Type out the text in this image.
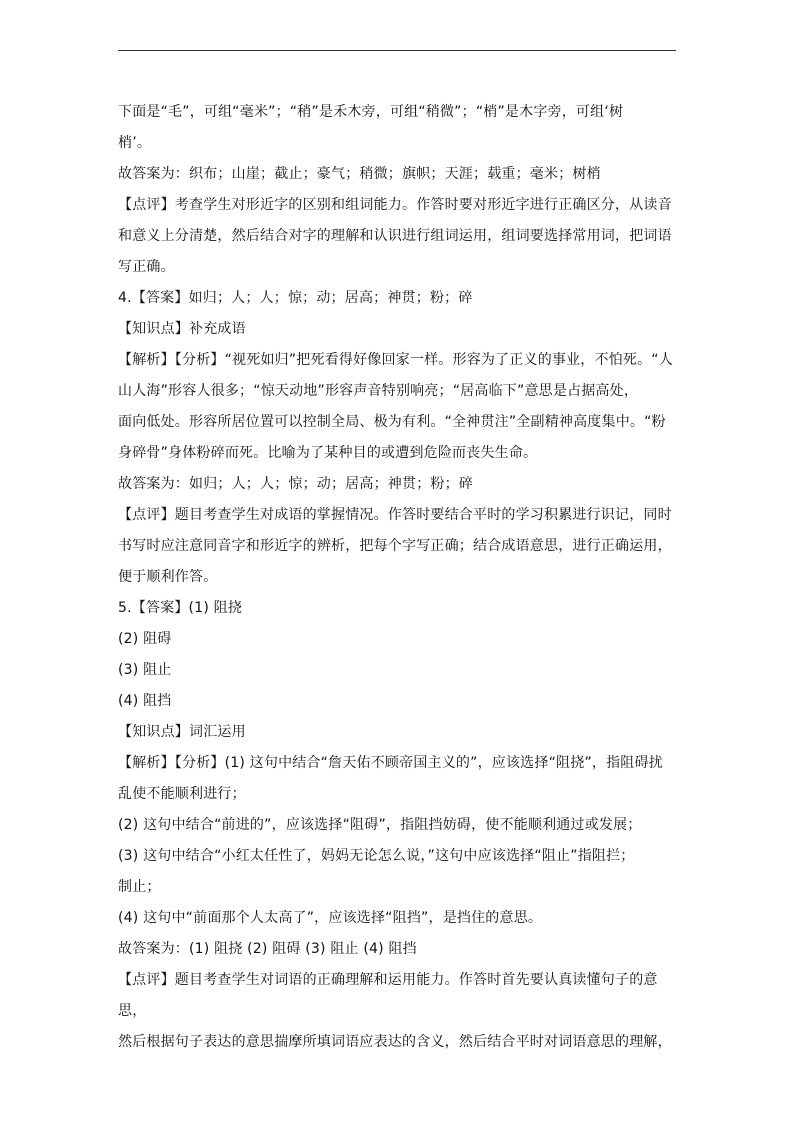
下面是“毛”，可组“毫米”；“稍”是禾木旁，可组“稍微”；“梢”是木字旁，可组‘树

梢’。

故答案为：织布；山崖；截止；豪气；稍微；旗帜；天涯；载重；毫米；树梢

【点评】考查学生对形近字的区别和组词能力。作答时要对形近字进行正确区分，从读音

和意义上分清楚，然后结合对字的理解和认识进行组词运用，组词要选择常用词，把词语

写正确。

4.【答案】如归；人；人；惊；动；居高；神贯；粉；碎

【知识点】补充成语

【解析】【分析】“视死如归”把死看得好像回家一样。形容为了正义的事业，不怕死。“人

山人海”形容人很多；“惊天动地”形容声音特别响亮；“居高临下”意思是占据高处，

面向低处。形容所居位置可以控制全局、极为有利。“全神贯注”全副精神高度集中。“粉

身碎骨”身体粉碎而死。比喻为了某种目的或遭到危险而丧失生命。

故答案为：如归；人；人；惊；动；居高；神贯；粉；碎

【点评】题目考查学生对成语的掌握情况。作答时要结合平时的学习积累进行识记，同时

书写时应注意同音字和形近字的辨析，把每个字写正确；结合成语意思，进行正确运用，

便于顺利作答。

5.【答案】(1) 阻挠

(2) 阻碍

(3) 阻止

(4) 阻挡

【知识点】词汇运用

【解析】【分析】(1) 这句中结合“詹天佑不顾帝国主义的”，应该选择“阻挠”，指阻碍扰

乱使不能顺利进行；

(2) 这句中结合“前进的”，应该选择“阻碍”，指阻挡妨碍，使不能顺利通过或发展；

(3) 这句中结合“小红太任性了，妈妈无论怎么说，”这句中应该选择“阻止”指阻拦；

制止；

(4) 这句中“前面那个人太高了”，应该选择“阻挡”，是挡住的意思。

故答案为：(1) 阻挠 (2) 阻碍 (3) 阻止 (4) 阻挡

【点评】题目考查学生对词语的正确理解和运用能力。作答时首先要认真读懂句子的意思，

然后根据句子表达的意思揣摩所填词语应表达的含义，然后结合平时对词语意思的理解，
